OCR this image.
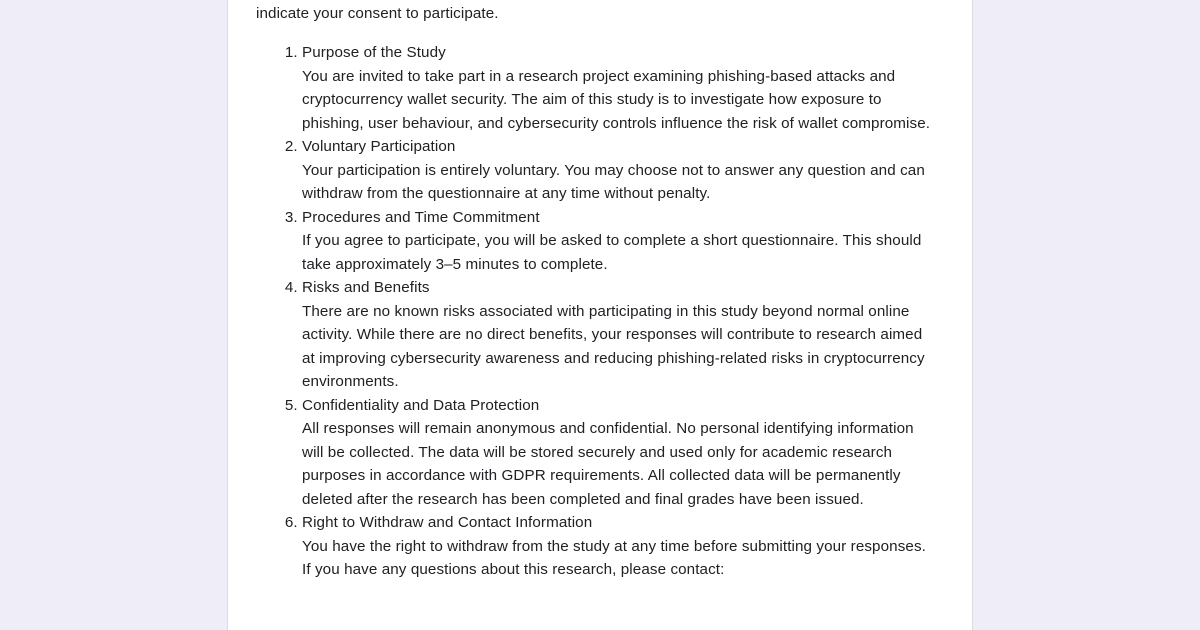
indicate your consent to participate.
1. Purpose of the Study
You are invited to take part in a research project examining phishing-based attacks and cryptocurrency wallet security. The aim of this study is to investigate how exposure to phishing, user behaviour, and cybersecurity controls influence the risk of wallet compromise.
2. Voluntary Participation
Your participation is entirely voluntary. You may choose not to answer any question and can withdraw from the questionnaire at any time without penalty.
3. Procedures and Time Commitment
If you agree to participate, you will be asked to complete a short questionnaire. This should take approximately 3–5 minutes to complete.
4. Risks and Benefits
There are no known risks associated with participating in this study beyond normal online activity. While there are no direct benefits, your responses will contribute to research aimed at improving cybersecurity awareness and reducing phishing-related risks in cryptocurrency environments.
5. Confidentiality and Data Protection
All responses will remain anonymous and confidential. No personal identifying information will be collected. The data will be stored securely and used only for academic research purposes in accordance with GDPR requirements. All collected data will be permanently deleted after the research has been completed and final grades have been issued.
6. Right to Withdraw and Contact Information
You have the right to withdraw from the study at any time before submitting your responses. If you have any questions about this research, please contact:
